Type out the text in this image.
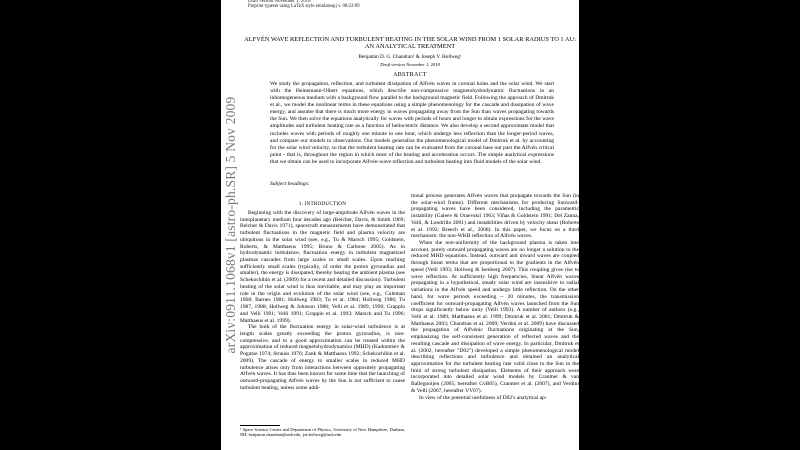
arXiv:0911.1068v1 [astro-ph.SR] 5 Nov 2009
Draft version November 1, 2018
Preprint typeset using LaTeX style emulateapj v. 08/22/09
ALFVÉN WAVE REFLECTION AND TURBULENT HEATING IN THE SOLAR WIND FROM 1 SOLAR RADIUS TO 1 AU: AN ANALYTICAL TREATMENT
Benjamin D. G. Chandran¹ & Joseph V. Hollweg¹
Draft version November 1, 2018
ABSTRACT
We study the propagation, reflection, and turbulent dissipation of Alfvén waves in coronal holes and the solar wind. We start with the Heinemann-Olbert equations, which describe non-compressive magnetohydrodynamic fluctuations in an inhomogeneous medium with a background flow parallel to the background magnetic field. Following the approach of Dmitruk et al., we model the nonlinear terms in these equations using a simple phenomenology for the cascade and dissipation of wave energy, and assume that there is much more energy in waves propagating away from the Sun than waves propagating towards the Sun. We then solve the equations analytically for waves with periods of hours and longer to obtain expressions for the wave amplitudes and turbulent heating rate as a function of heliocentric distance. We also develop a second approximate model that includes waves with periods of roughly one minute to one hour, which undergo less reflection than the longer-period waves, and compare our models to observations. Our models generalize the phenomenological model of Dmitruk et al. by accounting for the solar wind velocity, so that the turbulent heating rate can be evaluated from the coronal base out past the Alfvén critical point - that is, throughout the region in which most of the heating and acceleration occurs. The simple analytical expressions that we obtain can be used to incorporate Alfvén-wave reflection and turbulent heating into fluid models of the solar wind.
Subject headings:
1. INTRODUCTION

Beginning with the discovery of large-amplitude Alfvén waves in the interplanetary medium four decades ago (Belcher, Davis, & Smith 1969; Belcher & Davis 1971), spacecraft measurements have demonstrated that turbulent fluctuations in the magnetic field and plasma velocity are ubiquitous in the solar wind (see, e.g., Tu & Marsch 1995; Goldstein, Roberts, & Matthaeus 1995; Bruno & Carbone 2005). As in hydrodynamic turbulence, fluctuation energy in turbulent magnetized plasmas cascades from large scales to small scales. Upon reaching sufficiently small scales (typically, of order the proton gyroradius and smaller), the energy is dissipated, thereby heating the ambient plasma (see Schekochihin et al. (2009) for a recent and detailed discussion). Turbulent heating of the solar wind is thus inevitable, and may play an important role in the origin and evolution of the solar wind (see, e.g., Coleman 1968; Barnes 1981; Hollweg 1983; Tu et al. 1984; Hollweg 1986; Tu 1987, 1988; Hollweg & Johnson 1988; Velli et al. 1989, 1990; Grappin and Velli 1991; Velli 1991; Grappin et al. 1993; Marsch and Tu 1996; Matthaeus et al. 1999).

The bulk of the fluctuation energy in solar-wind turbulence is at length scales greatly exceeding the proton gyroradius, is non-compressive, and to a good approximation can be treated within the approximation of reduced magnetohydrodynamics (MHD) (Kadomtsev & Pogutse 1974; Strauss 1976; Zank & Matthaeus 1992; Schekochihin et al. 2009). The cascade of energy to smaller scales in reduced MHD turbulence arises only from interactions between oppositely propagating Alfvén waves. It has thus been known for some time that the launching of outward-propagating Alfvén waves by the Sun is not sufficient to cause turbulent heating, unless some addi-

tional process generates Alfvén waves that propagate towards the Sun (in the solar-wind frame). Different mechanisms for producing Sunward-propagating waves have been considered, including the parametric instability (Galeev & Oraevskii 1963; Viñas & Goldstein 1991; Del Zanna, Velli, & Londrillo 2001) and instabilities driven by velocity shear (Roberts et al. 1992; Breech et al., 2008). In this paper, we focus on a third mechanism: the non-WKB reflection of Alfvén waves.

When the non-uniformity of the background plasma is taken into account, purely outward propagating waves are no longer a solution to the reduced MHD equations. Instead, outward and inward waves are coupled through linear terms that are proportional to the gradients in the Alfvén speed (Velli 1993; Hollweg & Isenberg 2007). This coupling gives rise to wave reflection. At sufficiently high frequencies, linear Alfvén waves propagating in a hypothetical, steady solar wind are insensitive to radial variations in the Alfvén speed and undergo little reflection. On the other hand, for wave periods exceeding ~ 20 minutes, the transmission coefficient for outward-propagating Alfvén waves launched from the Sun drops significantly below unity (Velli 1993). A number of authors (e.g., Velli et al. 1989; Matthaeus et al. 1999; Dmitruk et al. 2001; Dmitruk & Matthaeus 2003; Chandran et al. 2009; Verdini et al. 2009) have discussed the propagation of Alfvénic fluctuations originating at the Sun, emphasizing the self-consistent generation of reflected waves and the resulting cascade and dissipation of wave energy. In particular, Dmitruk et al. (2002, hereafter "D02") developed a simple phenomenological model describing reflections and turbulence and obtained an analytical approximation for the turbulent heating rate valid close to the Sun in the limit of strong turbulent dissipation. Elements of their approach were incorporated into detailed solar wind models by Cranmer & van Ballegooijen (2005, hereafter CvB05), Cranmer et al. (2007), and Verdini & Velli (2007, hereafter VV07).

In view of the potential usefulness of D02's analytical ap-

¹ Space Science Center and Department of Physics, University of New Hampshire, Durham, NH; benjamin.chandran@unh.edu, joe.hollweg@unh.edu
